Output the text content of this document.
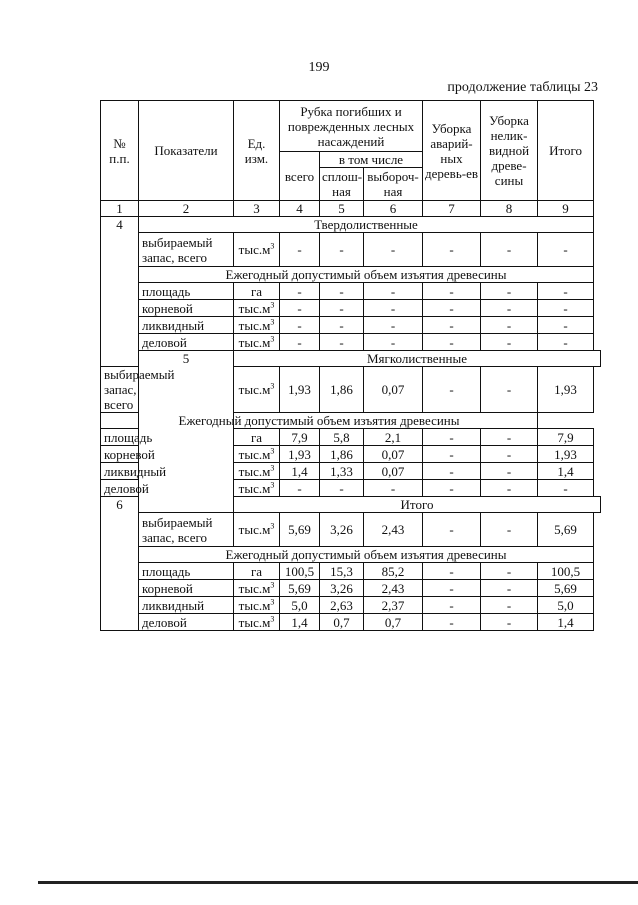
199
продолжение таблицы 23
№ п.п.	Показатели	Ед. изм.	Рубка погибших и поврежденных лесных насаждений			Уборка аварий-ных деревь-ев	Уборка нелик-видной древе-сины	Итого
			всего	в том числе				
				сплош-ная	выбороч-ная			
1	2	3	4	5	6	7	8	9
4	Твердолиственные							
	выбираемый запас, всего	$тыс.м^3$	-	-	-	-	-	-
	Ежегодный допустимый объем изъятия древесины							
	площадь	га	-	-	-	-	-	-
	корневой	$тыс.м^3$	-	-	-	-	-	-
	ликвидный	$тыс.м^3$	-	-	-	-	-	-
	деловой	$тыс.м^3$	-	-	-	-	-	-
	5	Мягколиственные						
выбираемый запас, всего		$тыс.м^3$	1,93	1,86	0,07	-	-	1,93
Ежегодный допустимый объем изъятия древесины								
площадь		га	7,9	5,8	2,1	-	-	7,9
корневой		$тыс.м^3$	1,93	1,86	0,07	-	-	1,93
ликвидный		$тыс.м^3$	1,4	1,33	0,07	-	-	1,4
деловой		$тыс.м^3$	-	-	-	-	-	-
6		Итого						
	выбираемый запас, всего	$тыс.м^3$	5,69	3,26	2,43	-	-	5,69
	Ежегодный допустимый объем изъятия древесины							
	площадь	га	100,5	15,3	85,2	-	-	100,5
	корневой	$тыс.м^3$	5,69	3,26	2,43	-	-	5,69
	ликвидный	$тыс.м^3$	5,0	2,63	2,37	-	-	5,0
	деловой	$тыс.м^3$	1,4	0,7	0,7	-	-	1,4
